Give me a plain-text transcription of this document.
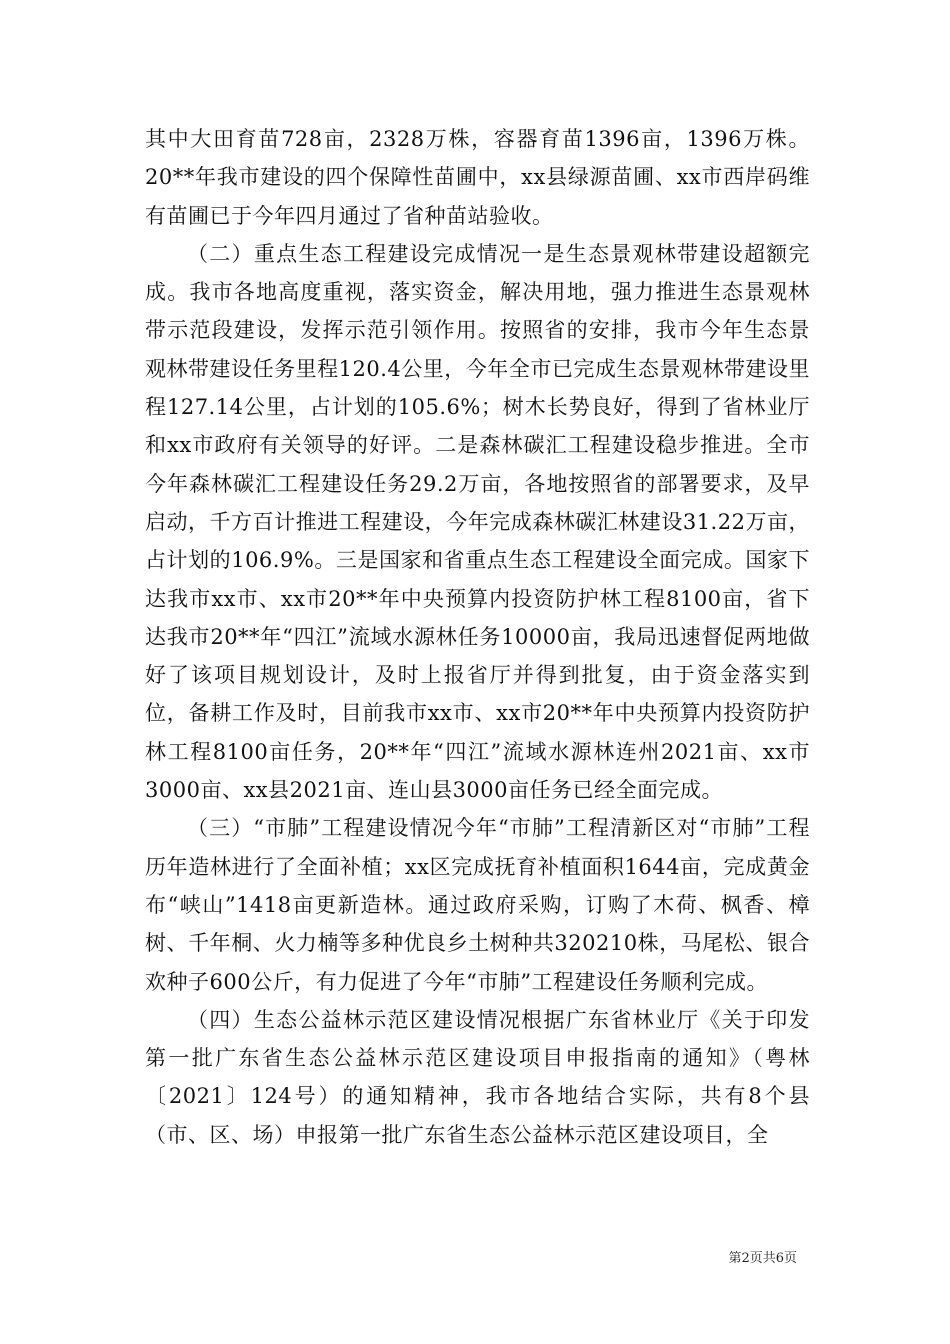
其中大田育苗728亩，2328万株，容器育苗1396亩，1396万株。20**年我市建设的四个保障性苗圃中，xx县绿源苗圃、xx市西岸码维有苗圃已于今年四月通过了省种苗站验收。

（二）重点生态工程建设完成情况一是生态景观林带建设超额完成。我市各地高度重视，落实资金，解决用地，强力推进生态景观林带示范段建设，发挥示范引领作用。按照省的安排，我市今年生态景观林带建设任务里程120.4公里，今年全市已完成生态景观林带建设里程127.14公里，占计划的105.6%；树木长势良好，得到了省林业厅和xx市政府有关领导的好评。二是森林碳汇工程建设稳步推进。全市今年森林碳汇工程建设任务29.2万亩，各地按照省的部署要求，及早启动，千方百计推进工程建设，今年完成森林碳汇林建设31.22万亩，占计划的106.9%。三是国家和省重点生态工程建设全面完成。国家下达我市xx市、xx市20**年中央预算内投资防护林工程8100亩，省下达我市20**年“四江”流域水源林任务10000亩，我局迅速督促两地做好了该项目规划设计，及时上报省厅并得到批复，由于资金落实到位，备耕工作及时，目前我市xx市、xx市20**年中央预算内投资防护林工程8100亩任务，20**年“四江”流域水源林连州2021亩、xx市3000亩、xx县2021亩、连山县3000亩任务已经全面完成。

（三）“市肺”工程建设情况今年“市肺”工程清新区对“市肺”工程历年造林进行了全面补植；xx区完成抚育补植面积1644亩，完成黄金布“峡山”1418亩更新造林。通过政府采购，订购了木荷、枫香、樟树、千年桐、火力楠等多种优良乡土树种共320210株，马尾松、银合欢种子600公斤，有力促进了今年“市肺”工程建设任务顺利完成。

（四）生态公益林示范区建设情况根据广东省林业厅《关于印发第一批广东省生态公益林示范区建设项目申报指南的通知》（粤林〔2021〕124号）的通知精神，我市各地结合实际，共有8个县（市、区、场）申报第一批广东省生态公益林示范区建设项目，全

第2页共6页
